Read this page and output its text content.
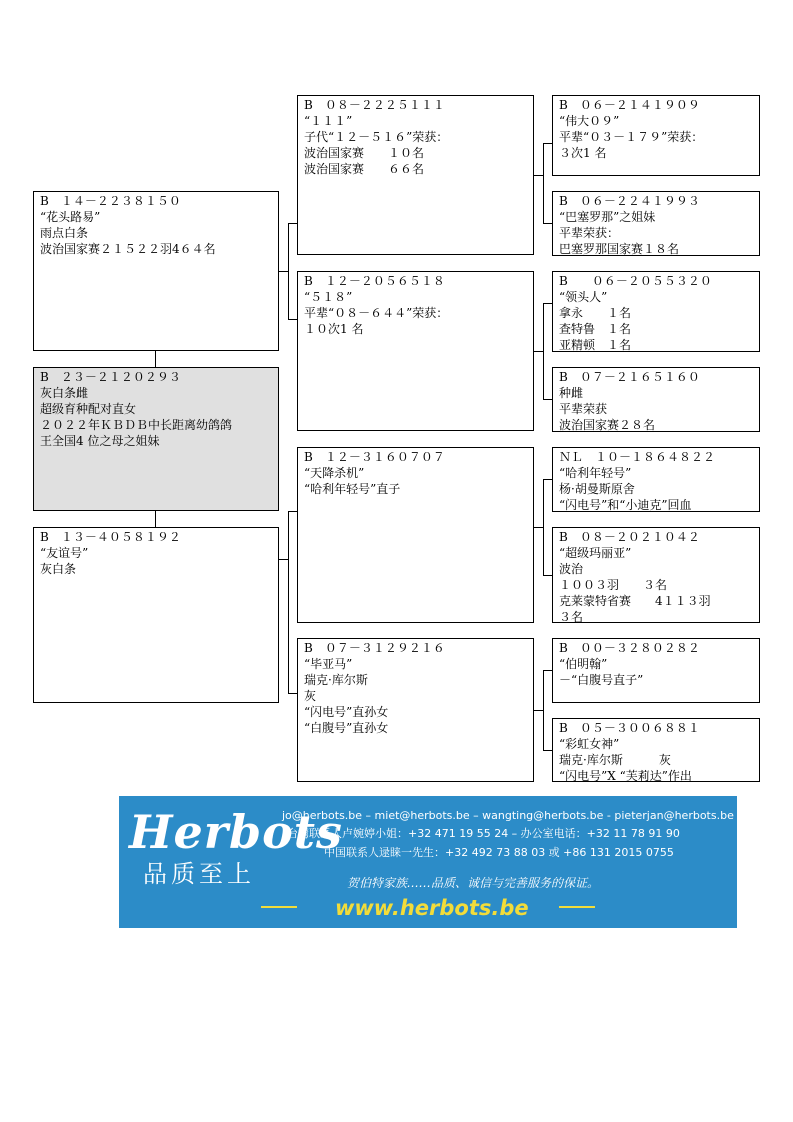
B　１４－２２３８１５０
“花头路易”
雨点白条
波治国家赛２１５２２羽4６４名
B　２３－２１２０２９３
灰白条雌
超级育种配对直女
２０２２年ＫＢＤＢ中长距离幼鸽鸽
王全国4 位之母之姐妹
B　１３－４０５８１９２
“友谊号”
灰白条
B　０８－２２２５１１１
“１１１”
子代“１２－５１６”荣获：
波治国家赛　　１０名
波治国家赛　　６６名
B　１２－２０５６５１８
“５１８”
平辈“０８－６４４”荣获：
１０次1 名
B　１２－３１６０７０７
“天降杀机”
“哈利年轻号”直子
B　０７－３１２９２１６
“毕亚马”
瑞克·库尔斯
灰
“闪电号”直孙女
“白腹号”直孙女
B　０６－２１４１９０９
“伟大０９”
平辈“０３－１７９”荣获：
３次1 名
B　０６－２２４１９９３
“巴塞罗那”之姐妹
平辈荣获：
巴塞罗那国家赛１８名
B　　０６－２０５５３２０
“领头人”
拿永　　１名
查特鲁　１名
亚精顿　１名
B　０７－２１６５１６０
种雌
平辈荣获
波治国家赛２８名
ＮＬ　１０－１８６４８２２
“哈利年轻号”
杨·胡曼斯原舍
“闪电号”和“小迪克”回血
B　０８－２０２１０４２
“超级玛丽亚”
波治
１００３羽　　３名
克莱蒙特省赛　　4１１３羽
３名
B　００－３２８０２８２
“伯明翰”
－“白腹号直子”
B　０５－３００６８８１
“彩虹女神”
瑞克·库尔斯　　　灰
“闪电号”X “芙莉达”作出
Herbots
品质至上
jo@herbots.be – miet@herbots.be – wangting@herbots.be - pieterjan@herbots.be
台湾联系人卢婉婷小姐：+32 471 19 55 24 – 办公室电话：+32 11 78 91 90
中国联系人逯睐一先生：+32 492 73 88 03 或 +86 131 2015 0755
贺伯特家族……品质、诚信与完善服务的保证。
www.herbots.be
